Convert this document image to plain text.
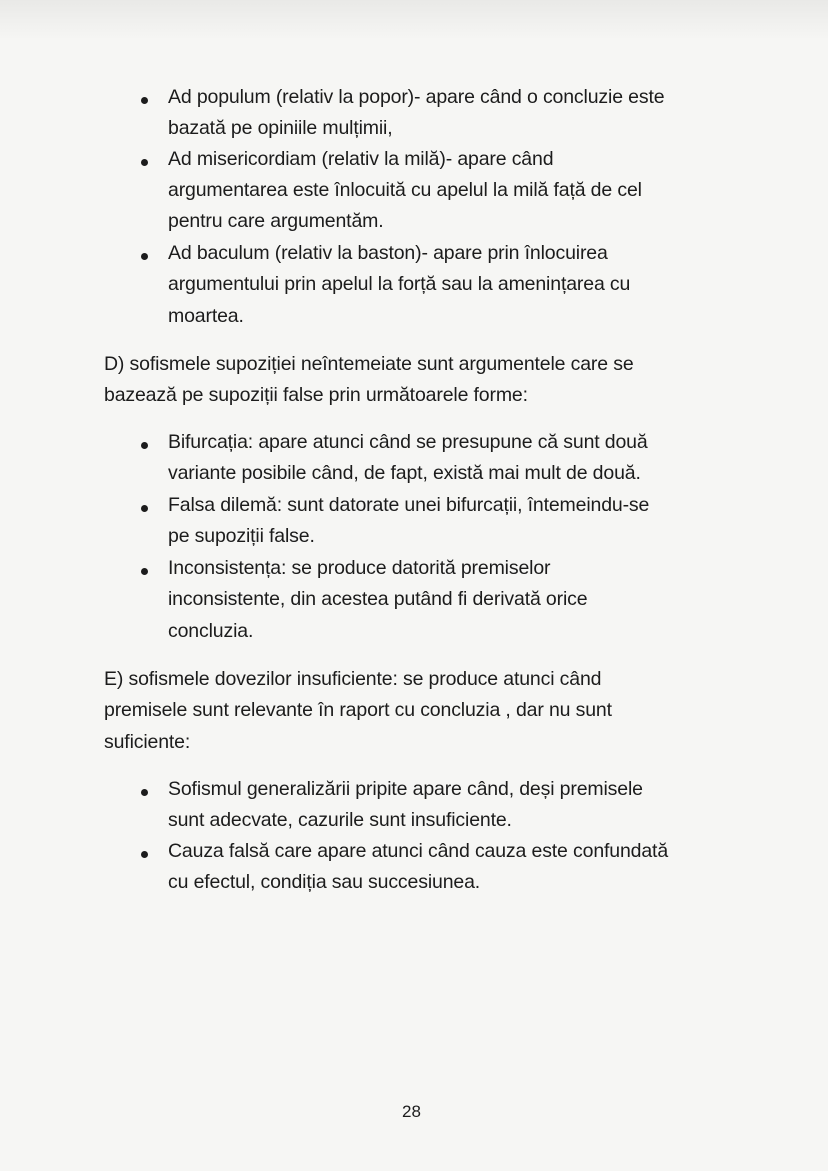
Ad populum (relativ la popor)- apare când o concluzie este
bazată pe opiniile mulțimii,
Ad misericordiam (relativ la milă)- apare când
argumentarea este înlocuită cu apelul la milă față de cel
pentru care argumentăm.
Ad baculum (relativ la baston)- apare prin înlocuirea
argumentului prin apelul la forță sau la amenințarea cu
moartea.
D) sofismele supoziției neîntemeiate sunt argumentele care se
bazează pe supoziții false prin următoarele forme:
Bifurcația: apare atunci când se presupune că sunt două
variante posibile când, de fapt, există mai mult de două.
Falsa dilemă: sunt datorate unei bifurcații, întemeindu-se
pe supoziții false.
Inconsistența: se produce datorită premiselor
inconsistente, din acestea putând fi derivată orice
concluzia.
E) sofismele dovezilor insuficiente: se produce atunci când
premisele sunt relevante în raport cu concluzia , dar nu sunt
suficiente:
Sofismul generalizării pripite apare când, deși premisele
sunt adecvate, cazurile sunt insuficiente.
Cauza falsă care apare atunci când cauza este confundată
cu efectul, condiția sau succesiunea.
28
